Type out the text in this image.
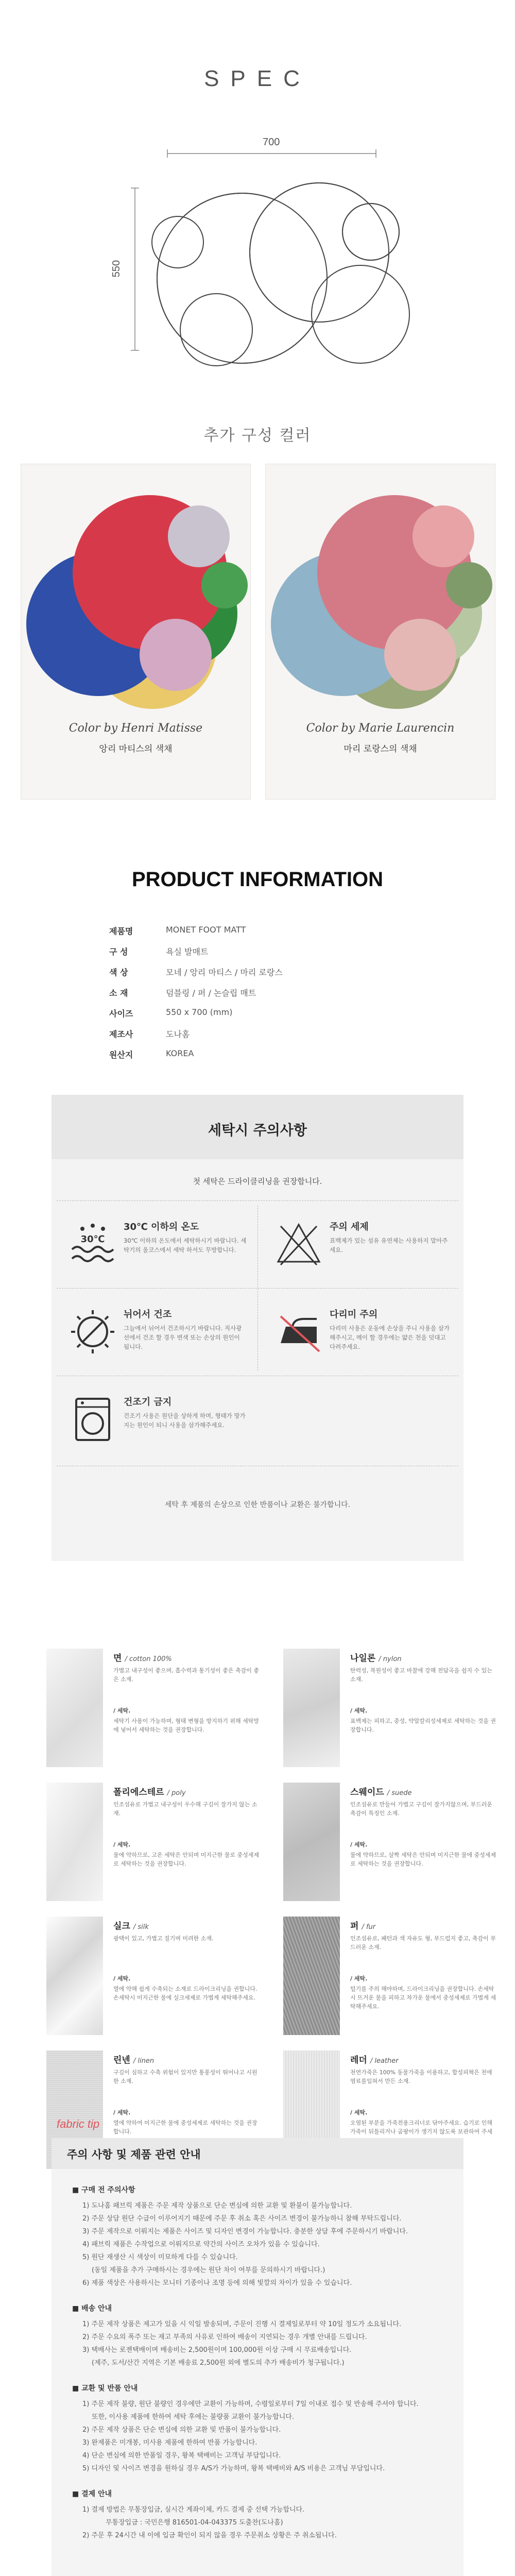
SPEC
700
550
추가 구성 컬러
Color by Henri Matisse
앙리 마티스의 색채
Color by Marie Laurencin
마리 로랑스의 색채
PRODUCT INFORMATION
제품명	MONET FOOT MATT
구 성	욕실 발매트
색 상	모네 / 앙리 마티스 / 마리 로랑스
소 재	덤블링 / 퍼 / 논슬립 매트
사이즈	550 x 700 (mm)
제조사	도나홈
원산지	KOREA
세탁시 주의사항
첫 세탁은 드라이클리닝을 권장합니다.
30℃
30℃ 이하의 온도
30℃ 이하의 온도에서 세탁하시기 바랍니다. 세탁기의 울코스에서 세탁 하셔도 무방합니다.
주의 세제
표백제가 있는 섬유 유연제는 사용하지 말아주세요.
뉘어서 건조
그늘에서 뉘어서 건조하시기 바랍니다. 직사광선에서 건조 할 경우 변색 또는 손상의 원인이 됩니다.
다리미 주의
다리미 사용은 운동에 손상을 주니 사용을 삼가해주시고, 메이 할 경우에는 얇은 천을 덧대고 다려주세요.
건조기 금지
건조기 사용은 원단을 상하게 하며, 형태가 망가지는 원인이 되니 사용을 삼가해주세요.
세탁 후 제품의 손상으로 인한 반품이나 교환은 불가합니다.
면 / cotton 100%
가볍고 내구성이 좋으며, 흡수력과 통기성이 좋은 촉감이 좋은 소재.
/ 세탁.
세탁기 사용이 가능하며, 형태 변형을 방지하기 위해 세탁망에 넣어서 세탁하는 것을 권장합니다.
나일론 / nylon
탄력성, 복원성이 좋고 마찰에 강해 전답곡을 쉽지 수 있는 소재.
/ 세탁.
표백제는 피하고, 중성, 약알칼리성세제로 세탁하는 것을 권장합니다.
폴리에스테르 / poly
인조섬유로 가볍고 내구성이 우수해 구김이 잘가지 않는 소재.
/ 세탁.
물에 약하므로, 고온 세탁은 안되며 미지근한 물로 중성세제로 세탁하는 것을 권장합니다.
스웨이드 / suede
인조섬유로 만들어 가볍고 구김이 잘가지않으며, 부드러운 촉감이 특징인 소재.
/ 세탁.
물에 약하므로, 살짝 세탁은 안되며 미지근한 물에 중성세제로 세탁하는 것을 권장합니다.
실크 / silk
광택이 있고, 가볍고 질기며 미려한 소재.
/ 세탁.
열에 약해 쉽게 수축되는 소재로 드라이크리닝을 권합니다. 손세탁시 미지근한 물에 실크세제로 가볍게 세탁해주세요.
퍼 / fur
인조섬유로, 패턴과 색 자유도 형, 부드럽지 좋고, 촉감이 부드러운 소재.
/ 세탁.
털기를 주의 해야하며, 드라이크리닝을 권장합니다. 손세탁시 뜨거운 물을 피하고 차가운 물에서 중성세제로 가볍게 세탁해주세요.
린넨 / linen
구김이 심하고 수축 위험이 있지만 통풍성이 뛰어나고 시원한 소재.
/ 세탁.
열에 약하여 미지근한 물에 중성세제로 세탁하는 것을 권장합니다.
레더 / leather
천연가죽은 100% 동물가죽을 이용하고, 합성피혁은 천에 염료를입혀서 만든 소재.
/ 세탁.
오염된 부분을 가죽전용크리너로 닦아주세요. 습기로 인해 가죽이 뒤틀리거나 곰팡이가 생기지 않도록 보관하여 주세
fabric tip
주의 사항 및 제품 관련 안내
■ 구매 전 주의사항
1) 도나홈 패브릭 제품은 주문 제작 상품으로 단순 변심에 의한 교환 및 환불이 불가능합니다.
2) 주문 상담 원단 수급이 이루어지기 때문에 주문 후 취소 혹은 사이즈 변경이 불가능하니 참해 부탁드립니다.
3) 주문 제작으로 이뤄지는 제품은 사이즈 및 디자인 변경이 가능합니다. 충분한 상담 후에 주문하시기 바랍니다.
4) 패브릭 제품은 수작업으로 이뤄지므로 약간의 사이즈 오차가 있을 수 있습니다.
5) 원단 재생산 시 색상이 미묘하게 다를 수 있습니다.
(동일 제품을 추가 구매하시는 경우에는 원단 차이 여부를 문의하시기 바랍니다.)
6) 제품 색상은 사용하시는 모니터 기종이나 조명 등에 의해 빛깔의 차이가 있을 수 있습니다.
■ 배송 안내
1) 주문 제작 상품은 제고가 있을 시 익일 발송되며, 주문이 진행 시 결제일로부터 약 10일 정도가 소요됩니다.
2) 주문 수요의 폭주 또는 재고 부족의 사유로 인하여 배송이 지연되는 경우 개별 안내를 드립니다.
3) 택배사는 로젠택배이며 배송비는 2,500원이며 100,000원 이상 구매 시 무료배송입니다.
(제주, 도서/산간 지역은 기본 배송료 2,500원 외에 별도의 추가 배송비가 청구됩니다.)
■ 교환 및 반품 안내
1) 주문 제작 불량, 원단 불량인 경우에만 교환이 가능하며, 수령일로부터 7일 이내로 접수 및 반송해 주셔야 합니다.
또한, 이사용 제품에 한하여 세탁 후에는 불량품 교환이 불가능합니다.
2) 주문 제작 상품은 단순 변심에 의한 교환 및 반품이 불가능합니다.
3) 완제품은 미개봉, 미사용 제품에 한하여 반품 가능합니다.
4) 단순 변심에 의한 반품일 경우, 왕복 택배비는 고객님 부담입니다.
5) 디자인 및 사이즈 변경을 원하실 경우 A/S가 가능하며, 왕복 택배비와 A/S 비용은 고객님 부담입니다.
■ 결제 안내
1) 결제 방법은 무통장입금, 실시간 계좌이체, 카드 결제 중 선택 가능합니다.
무통장입금 : 국민은행 816501-04-043375 도출찬(도나홈)
2) 주문 후 24시간 내 이에 입금 확인이 되지 않을 경우 주문취소 상황은 주 취소됩니다.
